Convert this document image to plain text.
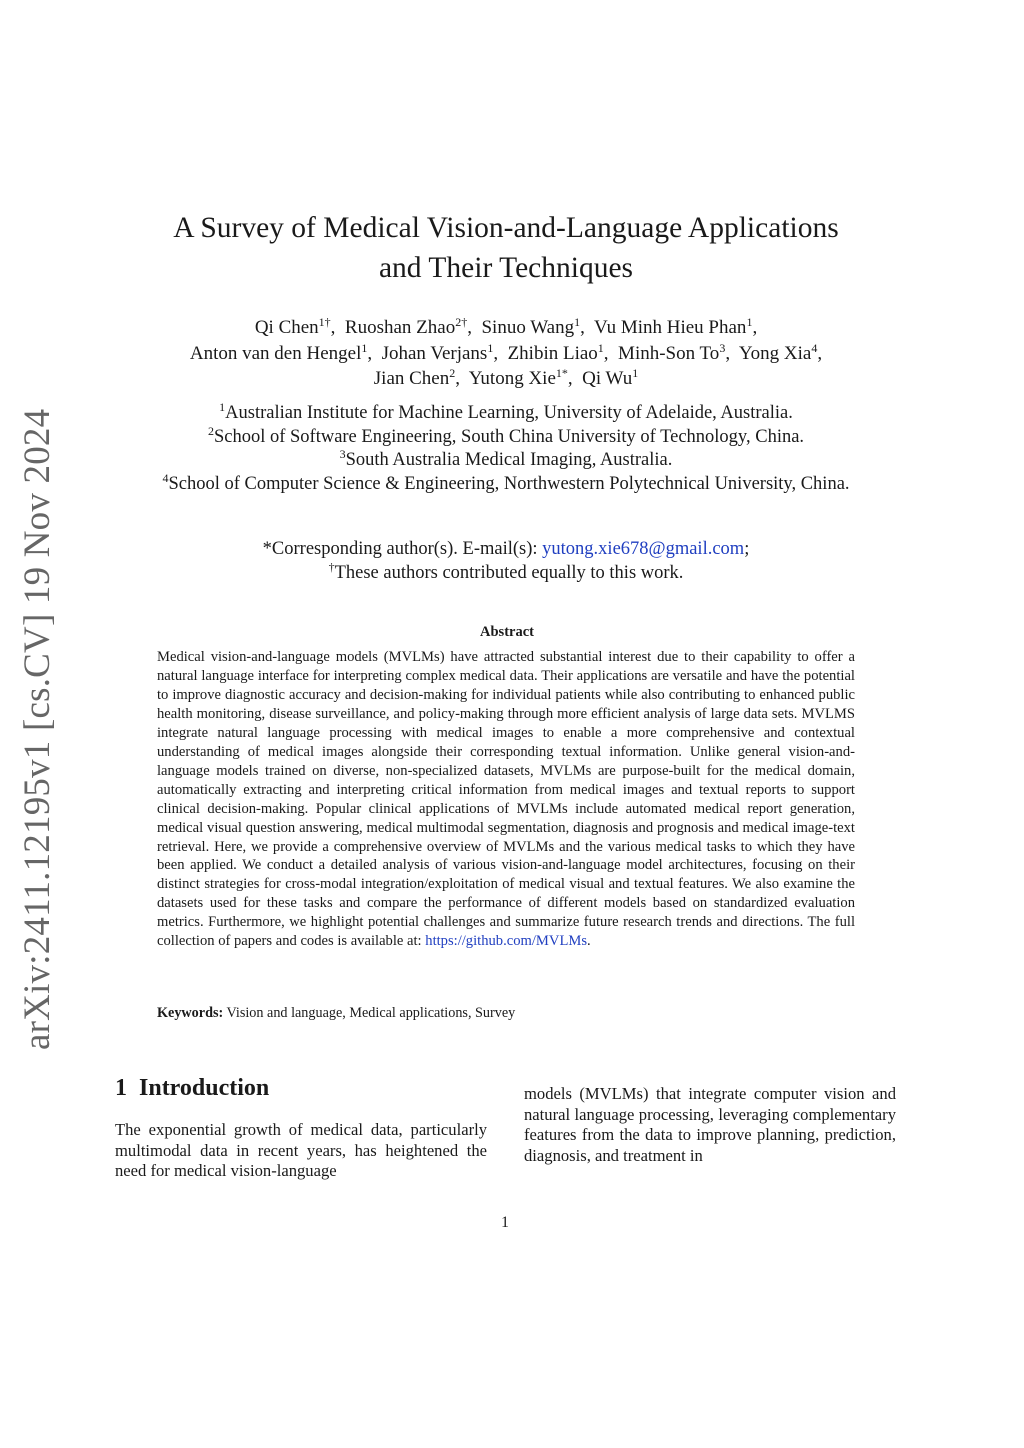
arXiv:2411.12195v1 [cs.CV] 19 Nov 2024
A Survey of Medical Vision-and-Language Applications
and Their Techniques
Qi Chen$^{1\dagger}$,  Ruoshan Zhao$^{2\dagger}$,  Sinuo Wang$^1$,  Vu Minh Hieu Phan$^1$,
Anton van den Hengel$^1$,  Johan Verjans$^1$,  Zhibin Liao$^1$,  Minh-Son To$^3$,  Yong Xia$^4$,
Jian Chen$^2$,  Yutong Xie$^{1*}$,  Qi Wu$^1$
$^1$Australian Institute for Machine Learning, University of Adelaide, Australia.
$^2$School of Software Engineering, South China University of Technology, China.
$^3$South Australia Medical Imaging, Australia.
$^4$School of Computer Science & Engineering, Northwestern Polytechnical University, China.
*Corresponding author(s). E-mail(s): yutong.xie678@gmail.com;
†These authors contributed equally to this work.
Abstract
Medical vision-and-language models (MVLMs) have attracted substantial interest due to their capability to offer a natural language interface for interpreting complex medical data. Their applications are versatile and have the potential to improve diagnostic accuracy and decision-making for individual patients while also contributing to enhanced public health monitoring, disease surveillance, and policy-making through more efficient analysis of large data sets. MVLMS integrate natural language processing with medical images to enable a more comprehensive and contextual understanding of medical images alongside their corresponding textual information. Unlike general vision-and-language models trained on diverse, non-specialized datasets, MVLMs are purpose-built for the medical domain, automatically extracting and interpreting critical information from medical images and textual reports to support clinical decision-making. Popular clinical applications of MVLMs include automated medical report generation, medical visual question answering, medical multimodal segmentation, diagnosis and prognosis and medical image-text retrieval. Here, we provide a comprehensive overview of MVLMs and the various medical tasks to which they have been applied. We conduct a detailed analysis of various vision-and-language model architectures, focusing on their distinct strategies for cross-modal integration/exploitation of medical visual and textual features. We also examine the datasets used for these tasks and compare the performance of different models based on standardized evaluation metrics. Furthermore, we highlight potential challenges and summarize future research trends and directions. The full collection of papers and codes is available at: https://github.com/MVLMs.
Keywords: Vision and language, Medical applications, Survey
1 Introduction
The exponential growth of medical data, particularly multimodal data in recent years, has heightened the need for medical vision-language
models (MVLMs) that integrate computer vision and natural language processing, leveraging complementary features from the data to improve planning, prediction, diagnosis, and treatment in
1
